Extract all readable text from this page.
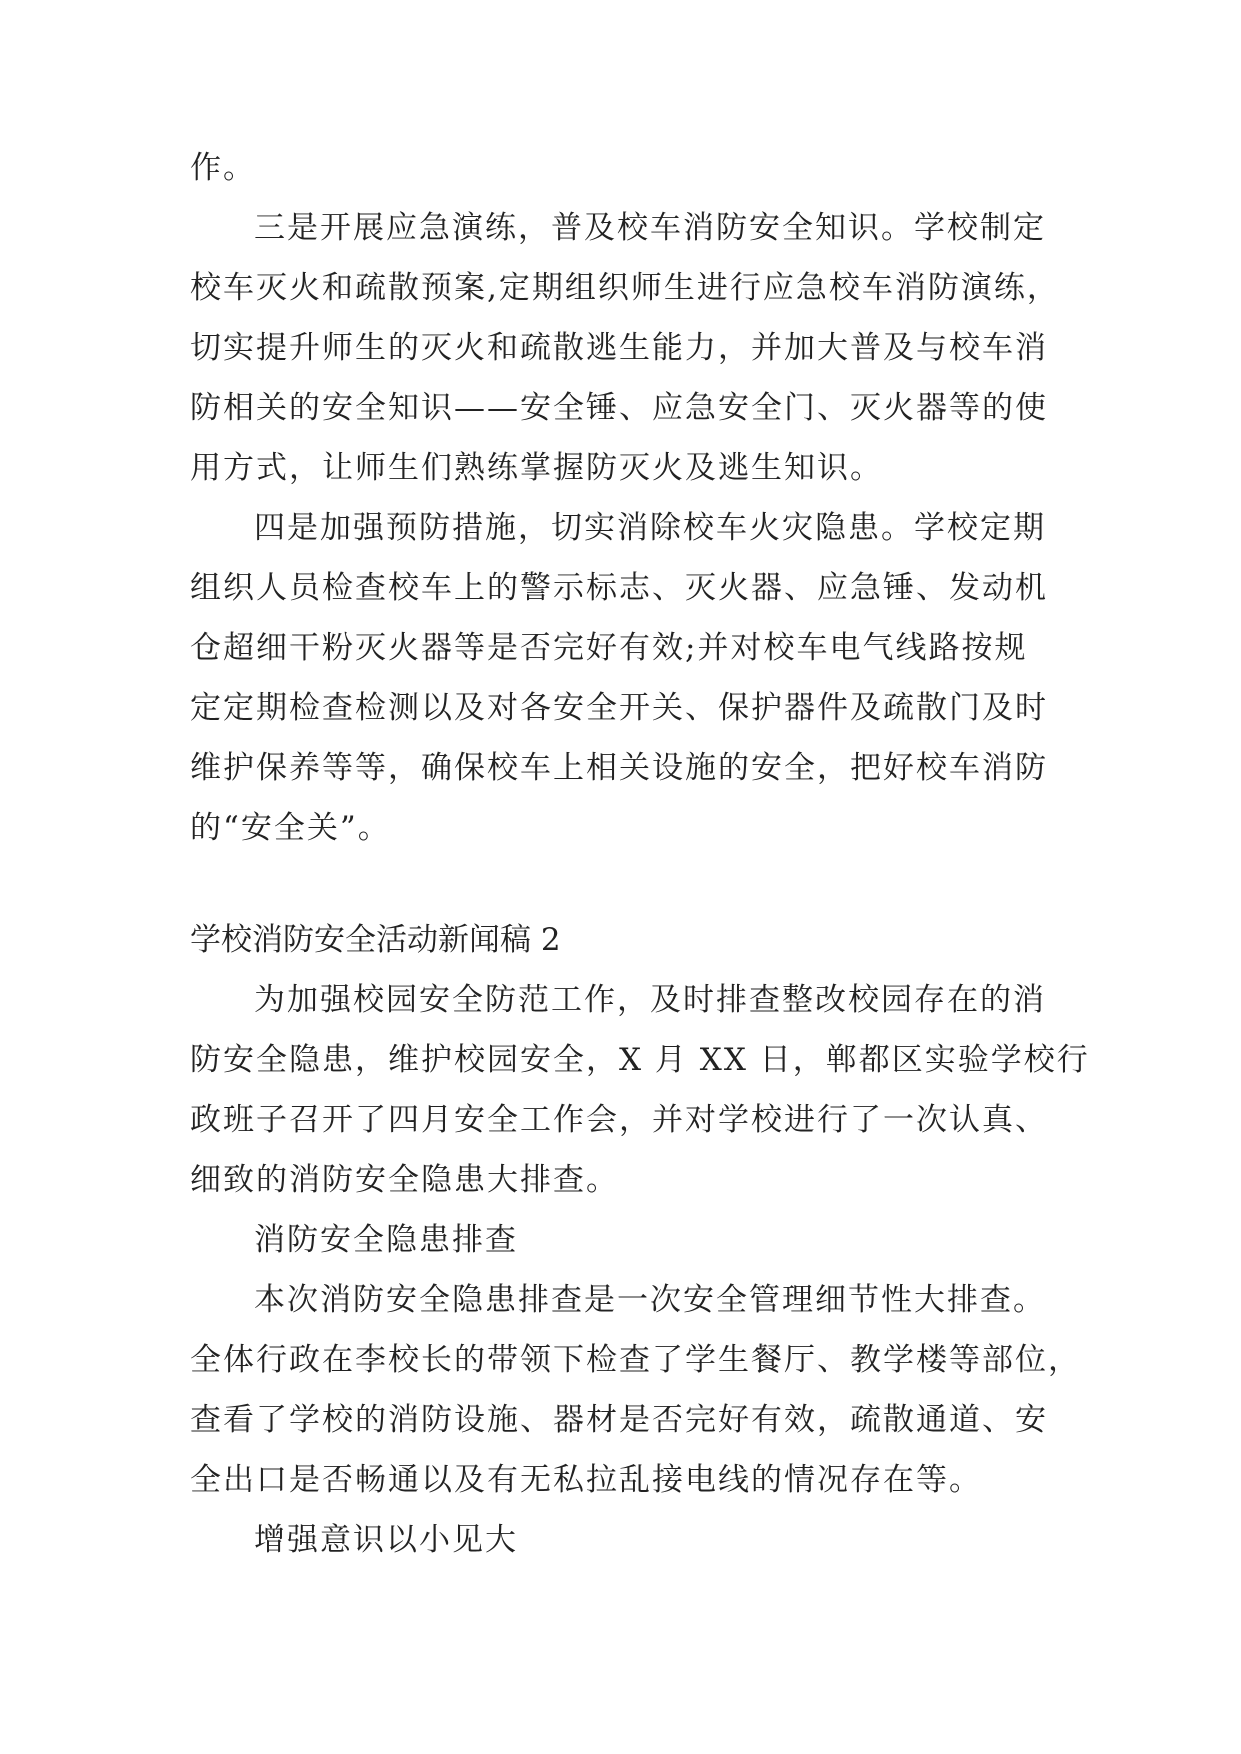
作。
三是开展应急演练，普及校车消防安全知识。学校制定
校车灭火和疏散预案,定期组织师生进行应急校车消防演练，
切实提升师生的灭火和疏散逃生能力，并加大普及与校车消
防相关的安全知识——安全锤、应急安全门、灭火器等的使
用方式，让师生们熟练掌握防灭火及逃生知识。
四是加强预防措施，切实消除校车火灾隐患。学校定期
组织人员检查校车上的警示标志、灭火器、应急锤、发动机
仓超细干粉灭火器等是否完好有效;并对校车电气线路按规
定定期检查检测以及对各安全开关、保护器件及疏散门及时
维护保养等等，确保校车上相关设施的安全，把好校车消防
的“安全关”。
学校消防安全活动新闻稿 2
为加强校园安全防范工作，及时排查整改校园存在的消
防安全隐患，维护校园安全，X 月 XX 日，郸都区实验学校行
政班子召开了四月安全工作会，并对学校进行了一次认真、
细致的消防安全隐患大排查。
消防安全隐患排查
本次消防安全隐患排查是一次安全管理细节性大排查。
全体行政在李校长的带领下检查了学生餐厅、教学楼等部位，
查看了学校的消防设施、器材是否完好有效，疏散通道、安
全出口是否畅通以及有无私拉乱接电线的情况存在等。
增强意识以小见大
